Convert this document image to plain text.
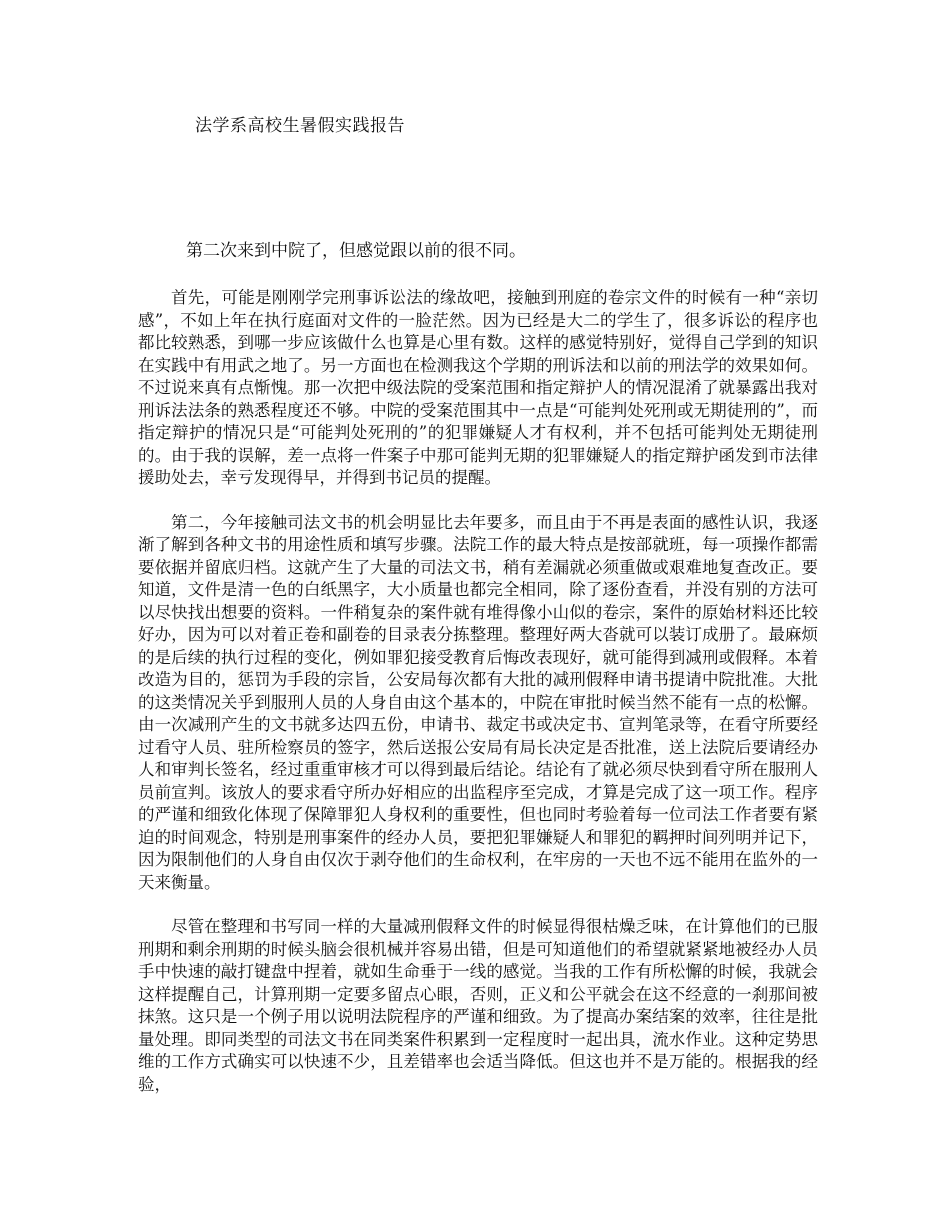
法学系高校生暑假实践报告
第二次来到中院了，但感觉跟以前的很不同。

首先，可能是刚刚学完刑事诉讼法的缘故吧，接触到刑庭的卷宗文件的时候有一种“亲切感”，不如上年在执行庭面对文件的一脸茫然。因为已经是大二的学生了，很多诉讼的程序也都比较熟悉，到哪一步应该做什么也算是心里有数。这样的感觉特别好，觉得自己学到的知识在实践中有用武之地了。另一方面也在检测我这个学期的刑诉法和以前的刑法学的效果如何。不过说来真有点惭愧。那一次把中级法院的受案范围和指定辩护人的情况混淆了就暴露出我对刑诉法法条的熟悉程度还不够。中院的受案范围其中一点是“可能判处死刑或无期徒刑的”，而指定辩护的情况只是“可能判处死刑的”的犯罪嫌疑人才有权利，并不包括可能判处无期徒刑的。由于我的误解，差一点将一件案子中那可能判无期的犯罪嫌疑人的指定辩护函发到市法律援助处去，幸亏发现得早，并得到书记员的提醒。

第二，今年接触司法文书的机会明显比去年要多，而且由于不再是表面的感性认识，我逐渐了解到各种文书的用途性质和填写步骤。法院工作的最大特点是按部就班，每一项操作都需要依据并留底归档。这就产生了大量的司法文书，稍有差漏就必须重做或艰难地复查改正。要知道，文件是清一色的白纸黑字，大小质量也都完全相同，除了逐份查看，并没有别的方法可以尽快找出想要的资料。一件稍复杂的案件就有堆得像小山似的卷宗，案件的原始材料还比较好办，因为可以对着正卷和副卷的目录表分拣整理。整理好两大沓就可以装订成册了。最麻烦的是后续的执行过程的变化，例如罪犯接受教育后悔改表现好，就可能得到减刑或假释。本着改造为目的，惩罚为手段的宗旨，公安局每次都有大批的减刑假释申请书提请中院批准。大批的这类情况关乎到服刑人员的人身自由这个基本的，中院在审批时候当然不能有一点的松懈。由一次减刑产生的文书就多达四五份，申请书、裁定书或决定书、宣判笔录等，在看守所要经过看守人员、驻所检察员的签字，然后送报公安局有局长决定是否批准，送上法院后要请经办人和审判长签名，经过重重审核才可以得到最后结论。结论有了就必须尽快到看守所在服刑人员前宣判。该放人的要求看守所办好相应的出监程序至完成，才算是完成了这一项工作。程序的严谨和细致化体现了保障罪犯人身权利的重要性，但也同时考验着每一位司法工作者要有紧迫的时间观念，特别是刑事案件的经办人员，要把犯罪嫌疑人和罪犯的羁押时间列明并记下，因为限制他们的人身自由仅次于剥夺他们的生命权利，在牢房的一天也不远不能用在监外的一天来衡量。

尽管在整理和书写同一样的大量减刑假释文件的时候显得很枯燥乏味，在计算他们的已服刑期和剩余刑期的时候头脑会很机械并容易出错，但是可知道他们的希望就紧紧地被经办人员手中快速的敲打键盘中捏着，就如生命垂于一线的感觉。当我的工作有所松懈的时候，我就会这样提醒自己，计算刑期一定要多留点心眼，否则，正义和公平就会在这不经意的一刹那间被抹煞。这只是一个例子用以说明法院程序的严谨和细致。为了提高办案结案的效率，往往是批量处理。即同类型的司法文书在同类案件积累到一定程度时一起出具，流水作业。这种定势思维的工作方式确实可以快速不少，且差错率也会适当降低。但这也并不是万能的。根据我的经验，
